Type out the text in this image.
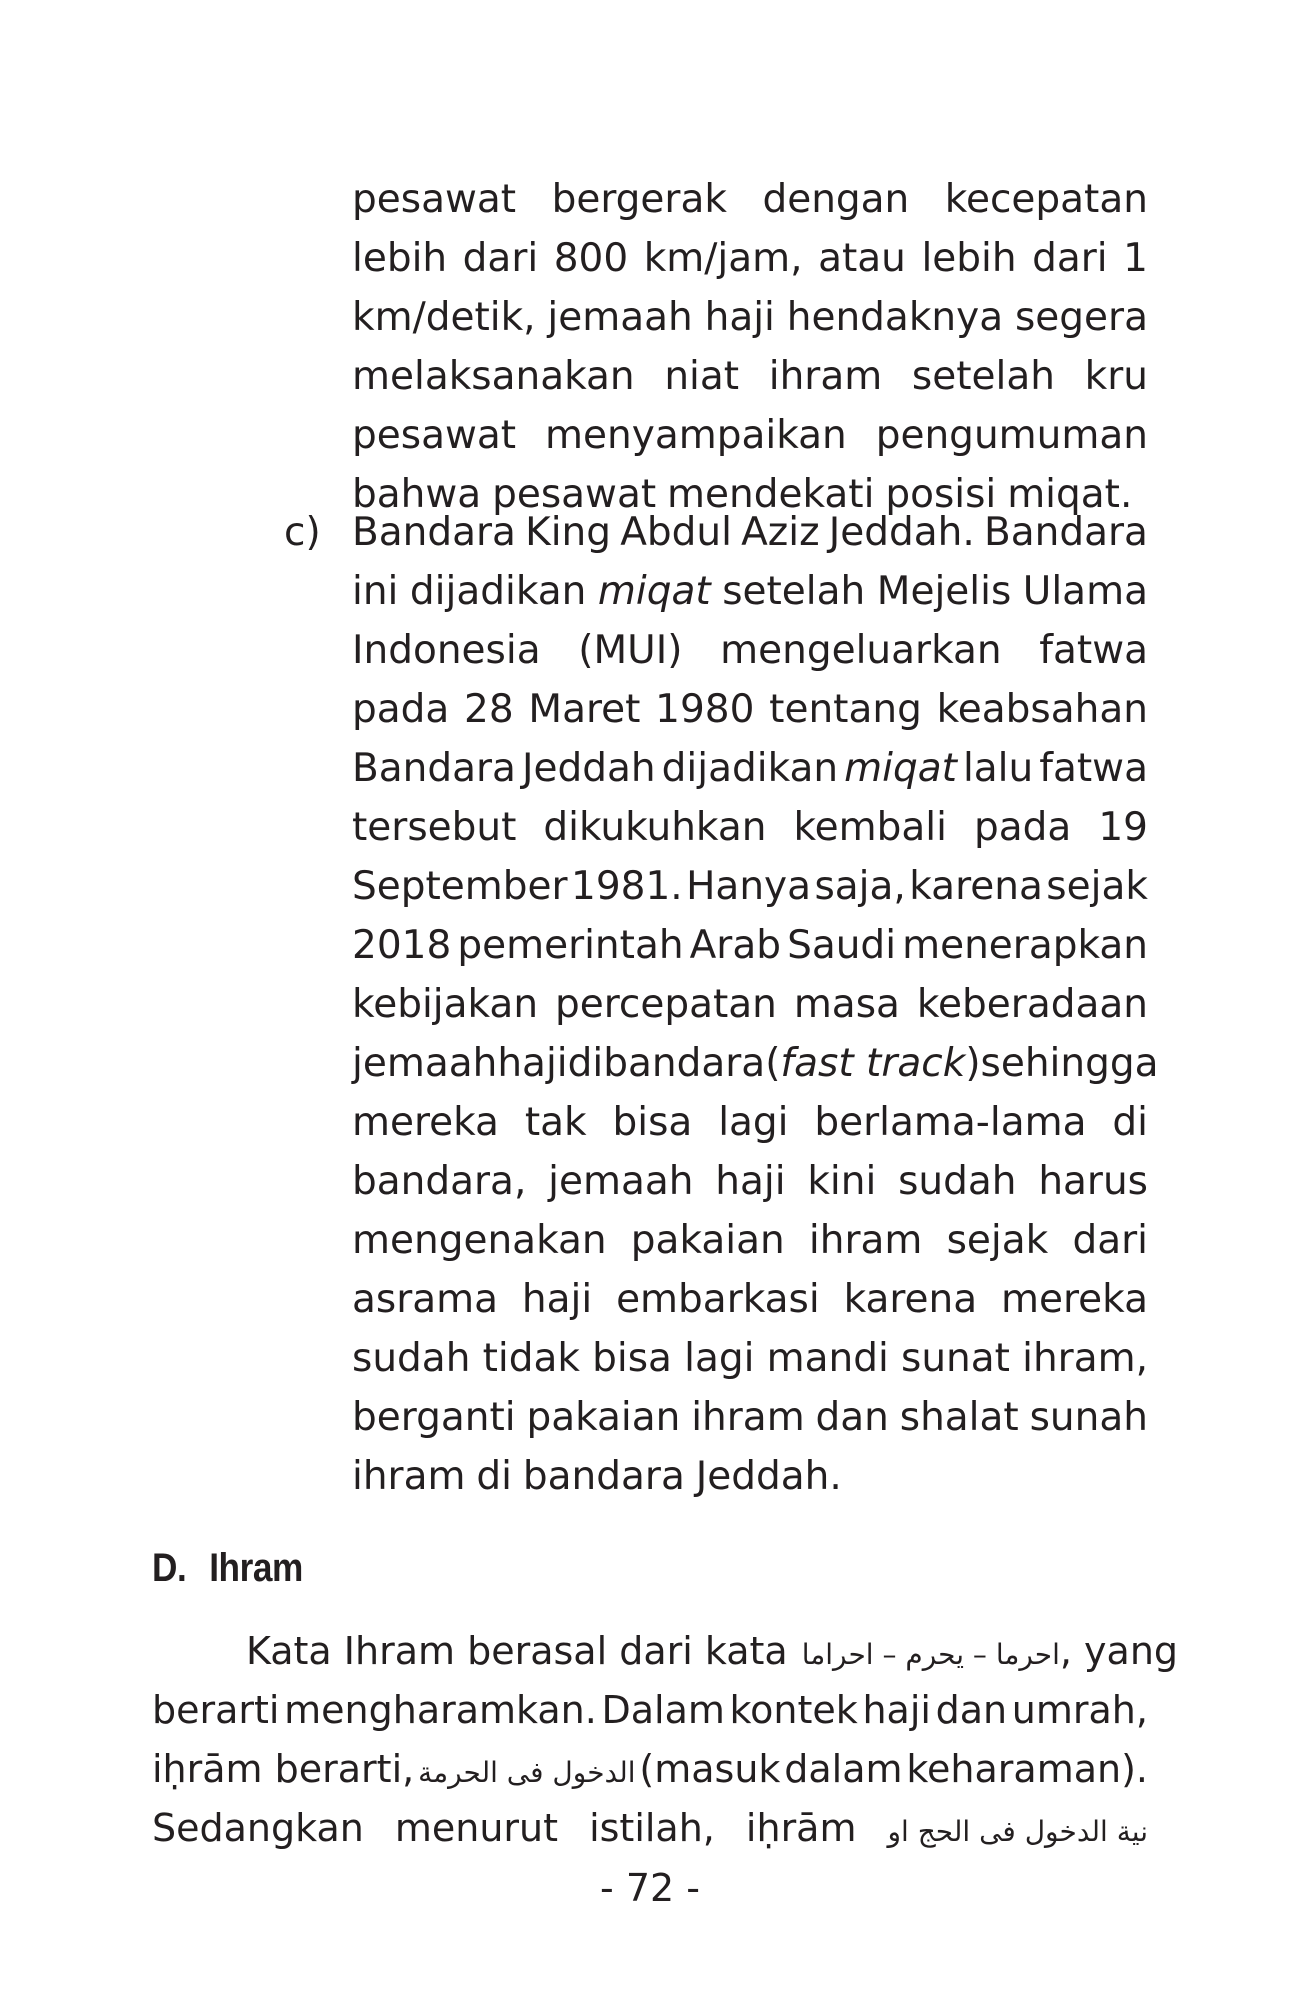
pesawat bergerak dengan kecepatan
lebih dari 800 km/jam, atau lebih dari 1
km/detik, jemaah haji hendaknya segera
melaksanakan niat ihram setelah kru
pesawat menyampaikan pengumuman
bahwa pesawat mendekati posisi miqat.
c) Bandara King Abdul Aziz Jeddah. Bandara
ini dijadikan miqat setelah Mejelis Ulama
Indonesia (MUI) mengeluarkan fatwa
pada 28 Maret 1980 tentang keabsahan
Bandara Jeddah dijadikan miqat lalu fatwa
tersebut dikukuhkan kembali pada 19
September 1981. Hanya saja, karena sejak
2018 pemerintah Arab Saudi menerapkan
kebijakan percepatan masa keberadaan
jemaah haji di bandara (fast track) sehingga
mereka tak bisa lagi berlama-lama di
bandara, jemaah haji kini sudah harus
mengenakan pakaian ihram sejak dari
asrama haji embarkasi karena mereka
sudah tidak bisa lagi mandi sunat ihram,
berganti pakaian ihram dan shalat sunah
ihram di bandara Jeddah.
D. Ihram
Kata Ihram berasal dari kata احرما – يحرم – احراما , yang
berarti mengharamkan. Dalam kontek haji dan umrah,
iḥrām berarti, الدخول فى الحرمة (masuk dalam keharaman).
Sedangkan menurut istilah, iḥrām نية الدخول فى الحج او
- 72 -
